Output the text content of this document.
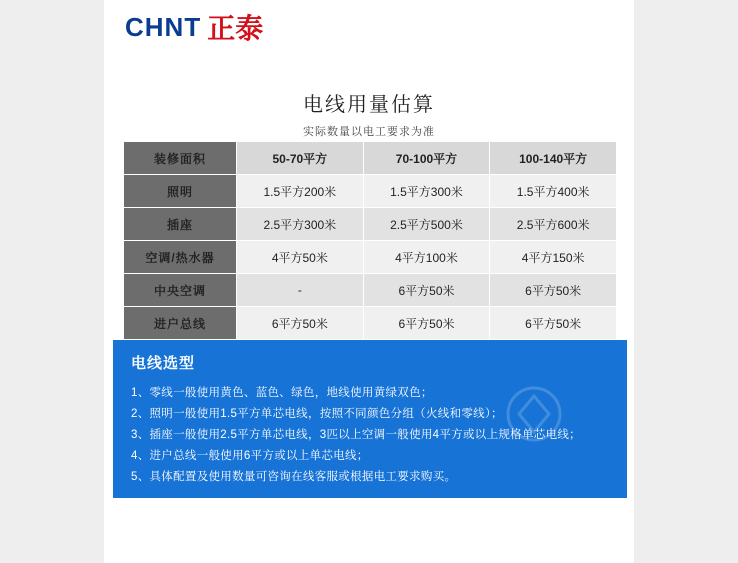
CHNT 正泰
电线用量估算
实际数量以电工要求为准
装修面积	50-70平方	70-100平方	100-140平方
照明	1.5平方200米	1.5平方300米	1.5平方400米
插座	2.5平方300米	2.5平方500米	2.5平方600米
空调/热水器	4平方50米	4平方100米	4平方150米
中央空调	-	6平方50米	6平方50米
进户总线	6平方50米	6平方50米	6平方50米
电线选型
1、零线一般使用黄色、蓝色、绿色，地线使用黄绿双色；
2、照明一般使用1.5平方单芯电线，按照不同颜色分组（火线和零线）；
3、插座一般使用2.5平方单芯电线，3匹以上空调一般使用4平方或以上规格单芯电线；
4、进户总线一般使用6平方或以上单芯电线；
5、具体配置及使用数量可咨询在线客服或根据电工要求购买。
